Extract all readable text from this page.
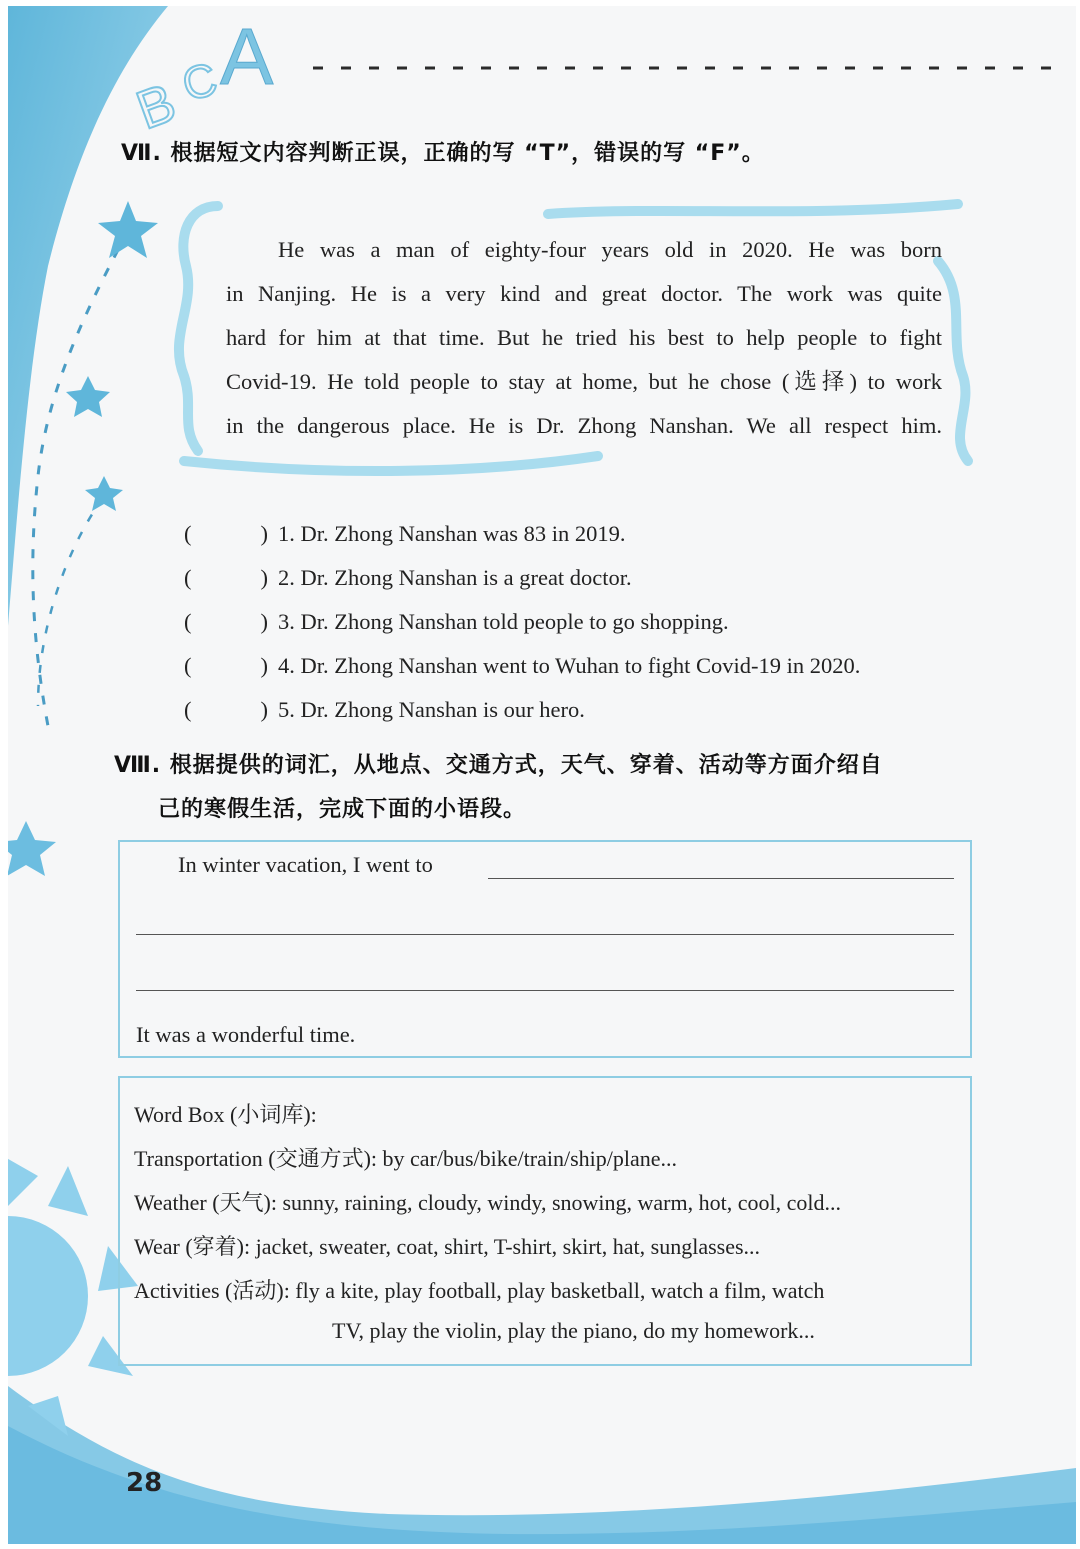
B
C
A
Ⅶ. 根据短文内容判断正误，正确的写 “T”，错误的写 “F”。

He was a man of eighty-four years old in 2020. He was born

in Nanjing. He is a very kind and great doctor. The work was quite

hard for him at that time. But he tried his best to help people to fight

Covid-19. He told people to stay at home, but he chose (选择) to work

in the dangerous place. He is Dr. Zhong Nanshan. We all respect him.

(	) 1. Dr. Zhong Nanshan was 83 in 2019.
(	) 2. Dr. Zhong Nanshan is a great doctor.
(	) 3. Dr. Zhong Nanshan told people to go shopping.
(	) 4. Dr. Zhong Nanshan went to Wuhan to fight Covid-19 in 2020.
(	) 5. Dr. Zhong Nanshan is our hero.
Ⅷ. 根据提供的词汇，从地点、交通方式，天气、穿着、活动等方面介绍自
己的寒假生活，完成下面的小语段。
In winter vacation, I went to
It was a wonderful time.
Word Box (小词库):
Transportation (交通方式): by car/bus/bike/train/ship/plane...
Weather (天气): sunny, raining, cloudy, windy, snowing, warm, hot, cool, cold...
Wear (穿着): jacket, sweater, coat, shirt, T-shirt, skirt, hat, sunglasses...
Activities (活动): fly a kite, play football, play basketball, watch a film, watch
TV, play the violin, play the piano, do my homework...
28
